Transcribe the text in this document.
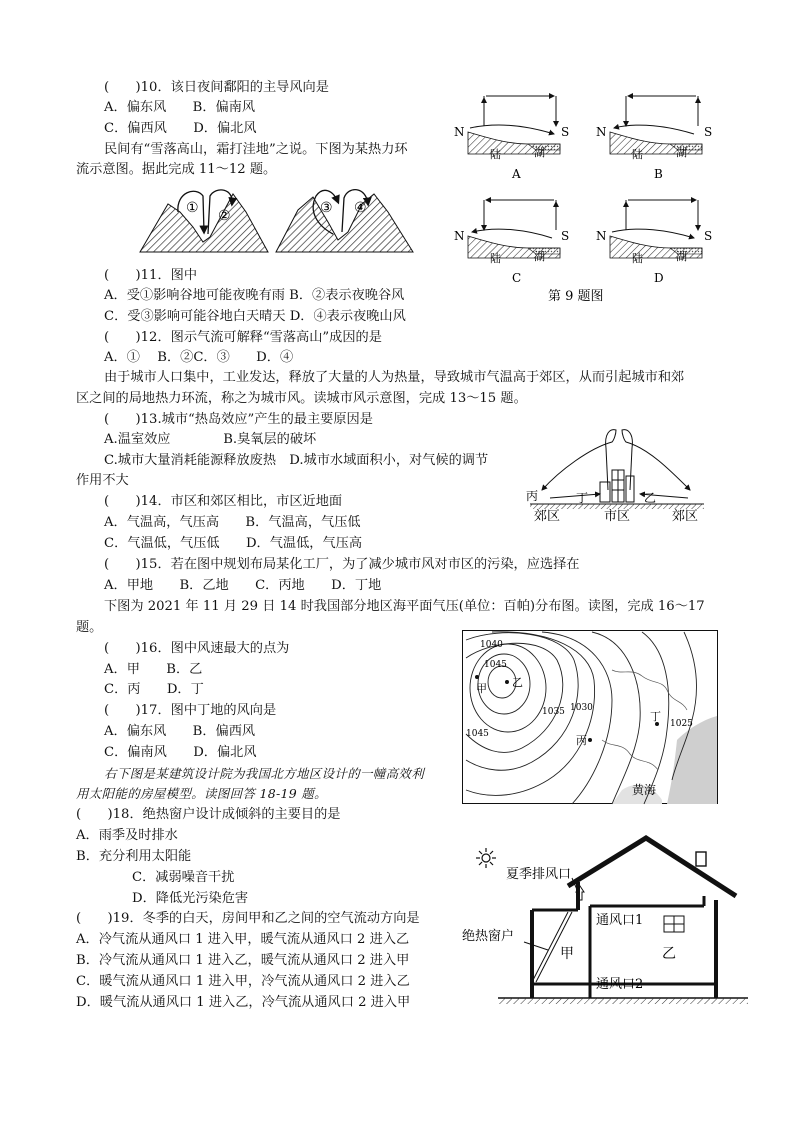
(　　)10．该日夜间鄱阳的主导风向是
A．偏东风　　B．偏南风
C．偏西风　　D．偏北风
民间有“雪落高山，霜打洼地”之说。下图为某热力环
流示意图。据此完成 11～12 题。
① ②	③ ④
N	S
陆	湖
A
N	S
陆	湖
B
N	S
陆	湖
C
N	S
陆	湖
D
第 9 题图
(　　)11．图中
A．受①影响谷地可能夜晚有雨 B．②表示夜晚谷风
C．受③影响可能谷地白天晴天 D．④表示夜晚山风
(　　)12．图示气流可解释“雪落高山”成因的是
A．①　 B．②C．③　　D．④
由于城市人口集中，工业发达，释放了大量的人为热量，导致城市气温高于郊区，从而引起城市和郊
区之间的局地热力环流，称之为城市风。读城市风示意图，完成 13～15 题。
(　　)13.城市“热岛效应”产生的最主要原因是
A.温室效应　　　　B.臭氧层的破坏
C.城市大量消耗能源释放废热　D.城市水域面积小，对气候的调节
作用不大
丙	丁	乙
郊区	市区	郊区
(　　)14．市区和郊区相比，市区近地面
A．气温高，气压高　　B．气温高，气压低
C．气温低，气压低　　D．气温低，气压高
(　　)15．若在图中规划布局某化工厂，为了减少城市风对市区的污染，应选择在
A．甲地　　B．乙地　　C．丙地　　D．丁地
下图为 2021 年 11 月 29 日 14 时我国部分地区海平面气压(单位：百帕)分布图。读图，完成 16～17
题。
(　　)16．图中风速最大的点为
A．甲　　B．乙
C．丙　　D．丁
(　　)17．图中丁地的风向是
A．偏东风　　B．偏西风
C．偏南风　　D．偏北风
1040
1045
1035 1030
1025
1045
甲 乙
丙
丁
黄海
右下图是某建筑设计院为我国北方地区设计的一幢高效利
用太阳能的房屋模型。读图回答 18-19 题。
(　　)18．绝热窗户设计成倾斜的主要目的是
A．雨季及时排水
B．充分利用太阳能
C．减弱噪音干扰
D．降低光污染危害
(　　)19．冬季的白天，房间甲和乙之间的空气流动方向是
A．冷气流从通风口 1 进入甲，暖气流从通风口 2 进入乙
B．冷气流从通风口 1 进入乙，暖气流从通风口 2 进入甲
C．暖气流从通风口 1 进入甲，冷气流从通风口 2 进入乙
D．暖气流从通风口 1 进入乙，冷气流从通风口 2 进入甲
夏季排风口
通风口1
绝热窗户
甲	乙
通风口2
